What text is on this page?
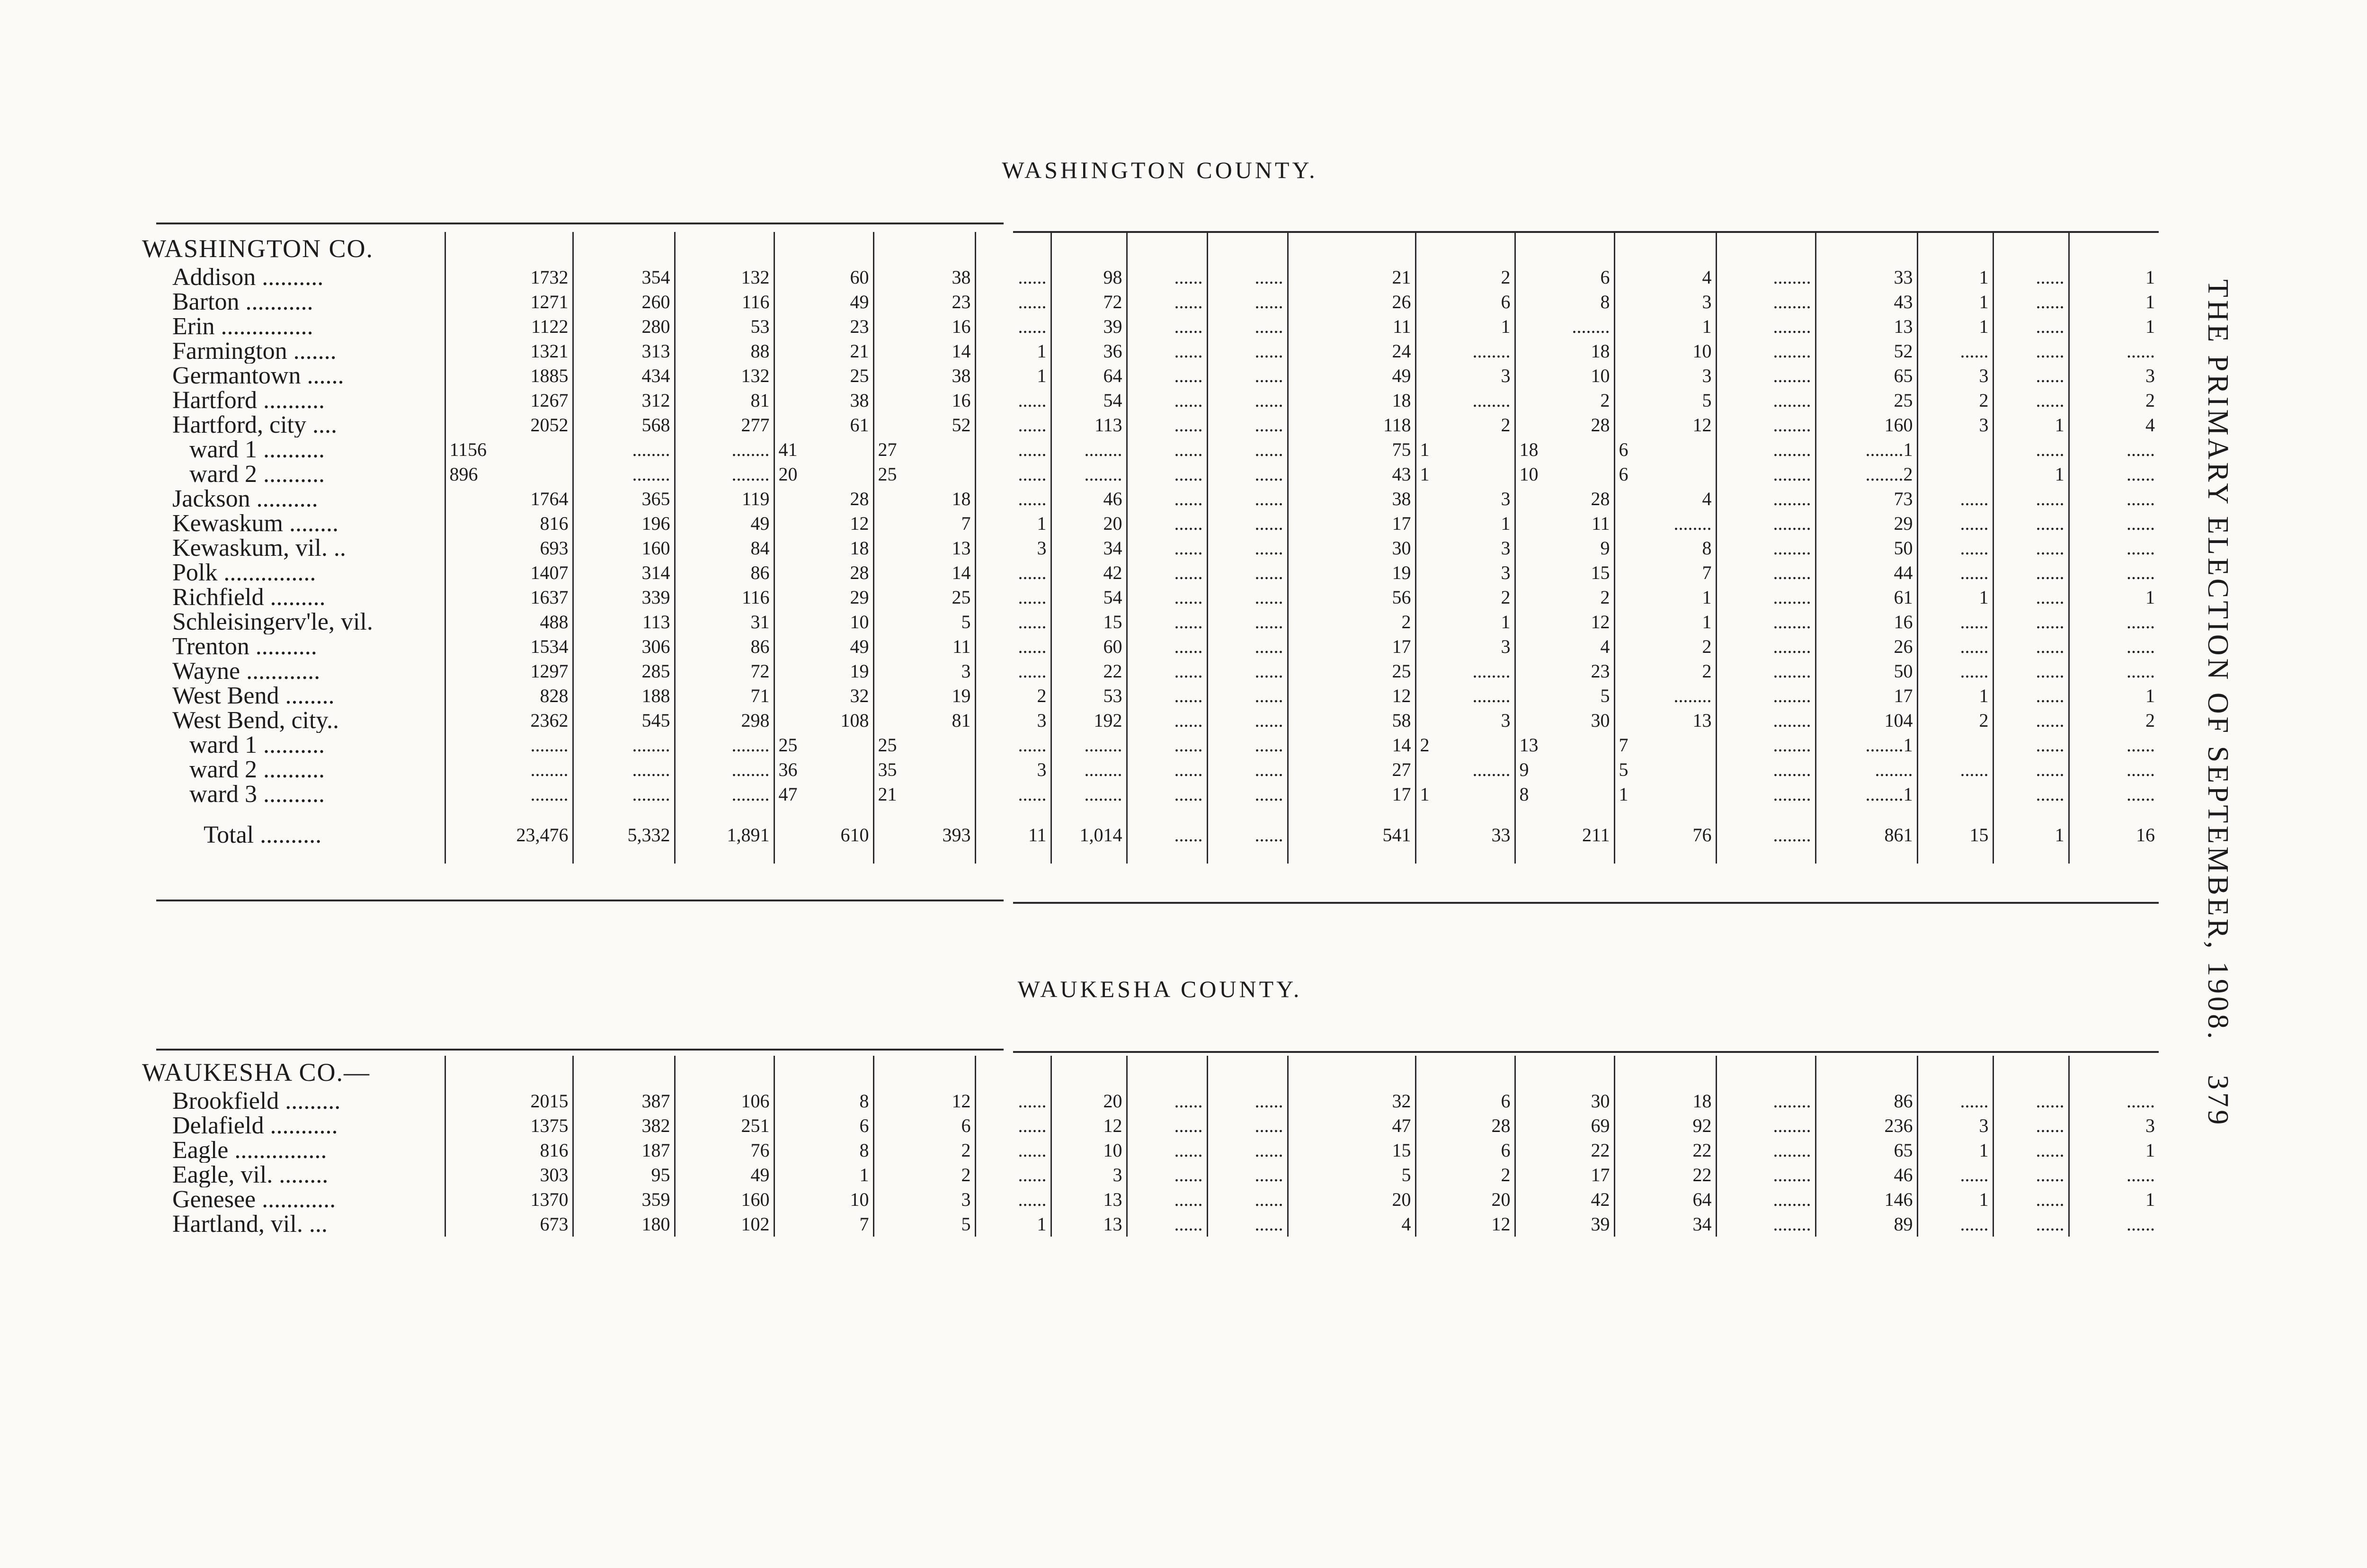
WASHINGTON COUNTY.
WASHINGTON CO.																		
Addison ..........	1732	354	132	60	38	......	98	......	......	21	2	6	4	........	33	1	......	1
Barton ...........	1271	260	116	49	23	......	72	......	......	26	6	8	3	........	43	1	......	1
Erin ...............	1122	280	53	23	16	......	39	......	......	11	1	........	1	........	13	1	......	1
Farmington .......	1321	313	88	21	14	1	36	......	......	24	........	18	10	........	52	......	......	......
Germantown ......	1885	434	132	25	38	1	64	......	......	49	3	10	3	........	65	3	......	3
Hartford ..........	1267	312	81	38	16	......	54	......	......	18	........	2	5	........	25	2	......	2
Hartford, city ....	2052	568	277	61	52	......	113	......	......	118	2	28	12	........	160	3	1	4
ward 1 ..........	1156	........	........	41	27	......	........	......	......	75	1	18	6	........	........1		......	......
ward 2 ..........	896	........	........	20	25	......	........	......	......	43	1	10	6	........	........2		1	......
Jackson ..........	1764	365	119	28	18	......	46	......	......	38	3	28	4	........	73	......	......	......
Kewaskum ........	816	196	49	12	7	1	20	......	......	17	1	11	........	........	29	......	......	......
Kewaskum, vil. ..	693	160	84	18	13	3	34	......	......	30	3	9	8	........	50	......	......	......
Polk ...............	1407	314	86	28	14	......	42	......	......	19	3	15	7	........	44	......	......	......
Richfield .........	1637	339	116	29	25	......	54	......	......	56	2	2	1	........	61	1	......	1
Schleisingerv'le, vil.	488	113	31	10	5	......	15	......	......	2	1	12	1	........	16	......	......	......
Trenton ..........	1534	306	86	49	11	......	60	......	......	17	3	4	2	........	26	......	......	......
Wayne ............	1297	285	72	19	3	......	22	......	......	25	........	23	2	........	50	......	......	......
West Bend ........	828	188	71	32	19	2	53	......	......	12	........	5	........	........	17	1	......	1
West Bend, city..	2362	545	298	108	81	3	192	......	......	58	3	30	13	........	104	2	......	2
ward 1 ..........	........	........	........	25	25	......	........	......	......	14	2	13	7	........	........1		......	......
ward 2 ..........	........	........	........	36	35	3	........	......	......	27	........	9	5	........	........	......	......	......
ward 3 ..........	........	........	........	47	21	......	........	......	......	17	1	8	1	........	........1		......	......
Total ..........	23,476	5,332	1,891	610	393	11	1,014	......	......	541	33	211	76	........	861	15	1	16
WAUKESHA COUNTY.
WAUKESHA CO.—																		
Brookfield .........	2015	387	106	8	12	......	20	......	......	32	6	30	18	........	86	......	......	......
Delafield ...........	1375	382	251	6	6	......	12	......	......	47	28	69	92	........	236	3	......	3
Eagle ...............	816	187	76	8	2	......	10	......	......	15	6	22	22	........	65	1	......	1
Eagle, vil. ........	303	95	49	1	2	......	3	......	......	5	2	17	22	........	46	......	......	......
Genesee ............	1370	359	160	10	3	......	13	......	......	20	20	42	64	........	146	1	......	1
Hartland, vil. ...	673	180	102	7	5	1	13	......	......	4	12	39	34	........	89	......	......	......
THE PRIMARY ELECTION OF SEPTEMBER, 1908.379
